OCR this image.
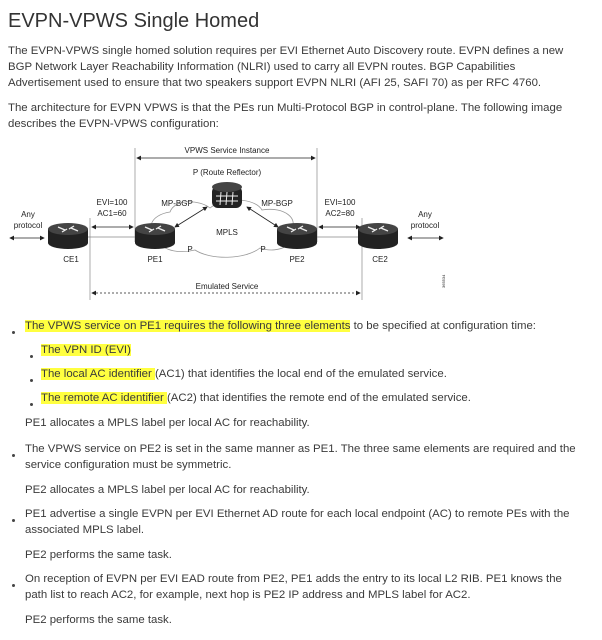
EVPN-VPWS Single Homed
The EVPN-VPWS single homed solution requires per EVI Ethernet Auto Discovery route. EVPN defines a new
BGP Network Layer Reachability Information (NLRI) used to carry all EVPN routes. BGP Capabilities
Advertisement used to ensure that two speakers support EVPN NLRI (AFI 25, SAFI 70) as per RFC 4760.
The architecture for EVPN VPWS is that the PEs run Multi-Protocol BGP in control-plane. The following image
describes the EVPN-VPWS configuration:
VPWS Service Instance
P (Route Reflector)
MP-BGP	MP-BGP
MPLS
P	P
EVI=100
AC1=60
EVI=100
AC2=80
Any
protocol
Any
protocol
CE1	PE1	PE2	CE2
Emulated Service	365534
The VPWS service on PE1 requires the following three elements to be specified at configuration time:
The VPN ID (EVI)
The local AC identifier (AC1) that identifies the local end of the emulated service.
The remote AC identifier (AC2) that identifies the remote end of the emulated service.
PE1 allocates a MPLS label per local AC for reachability.
The VPWS service on PE2 is set in the same manner as PE1. The three same elements are required and the
service configuration must be symmetric.
PE2 allocates a MPLS label per local AC for reachability.
PE1 advertise a single EVPN per EVI Ethernet AD route for each local endpoint (AC) to remote PEs with the
associated MPLS label.
PE2 performs the same task.
On reception of EVPN per EVI EAD route from PE2, PE1 adds the entry to its local L2 RIB. PE1 knows the
path list to reach AC2, for example, next hop is PE2 IP address and MPLS label for AC2.
PE2 performs the same task.
